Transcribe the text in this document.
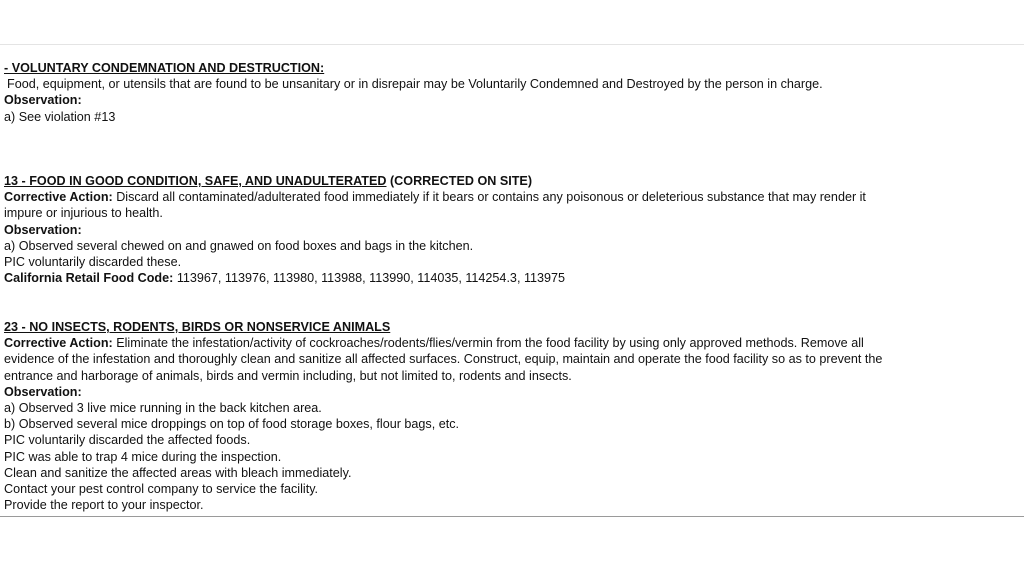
- VOLUNTARY CONDEMNATION AND DESTRUCTION:
Food, equipment, or utensils that are found to be unsanitary or in disrepair may be Voluntarily Condemned and Destroyed by the person in charge.
Observation:
a) See violation #13
13 - FOOD IN GOOD CONDITION, SAFE, AND UNADULTERATED (CORRECTED ON SITE)
Corrective Action: Discard all contaminated/adulterated food immediately if it bears or contains any poisonous or deleterious substance that may render it
impure or injurious to health.
Observation:
a) Observed several chewed on and gnawed on food boxes and bags in the kitchen.
PIC voluntarily discarded these.
California Retail Food Code: 113967, 113976, 113980, 113988, 113990, 114035, 114254.3, 113975
23 - NO INSECTS, RODENTS, BIRDS OR NONSERVICE ANIMALS
Corrective Action: Eliminate the infestation/activity of cockroaches/rodents/flies/vermin from the food facility by using only approved methods. Remove all
evidence of the infestation and thoroughly clean and sanitize all affected surfaces. Construct, equip, maintain and operate the food facility so as to prevent the
entrance and harborage of animals, birds and vermin including, but not limited to, rodents and insects.
Observation:
a) Observed 3 live mice running in the back kitchen area.
b) Observed several mice droppings on top of food storage boxes, flour bags, etc.
PIC voluntarily discarded the affected foods.
PIC was able to trap 4 mice during the inspection.
Clean and sanitize the affected areas with bleach immediately.
Contact your pest control company to service the facility.
Provide the report to your inspector.
